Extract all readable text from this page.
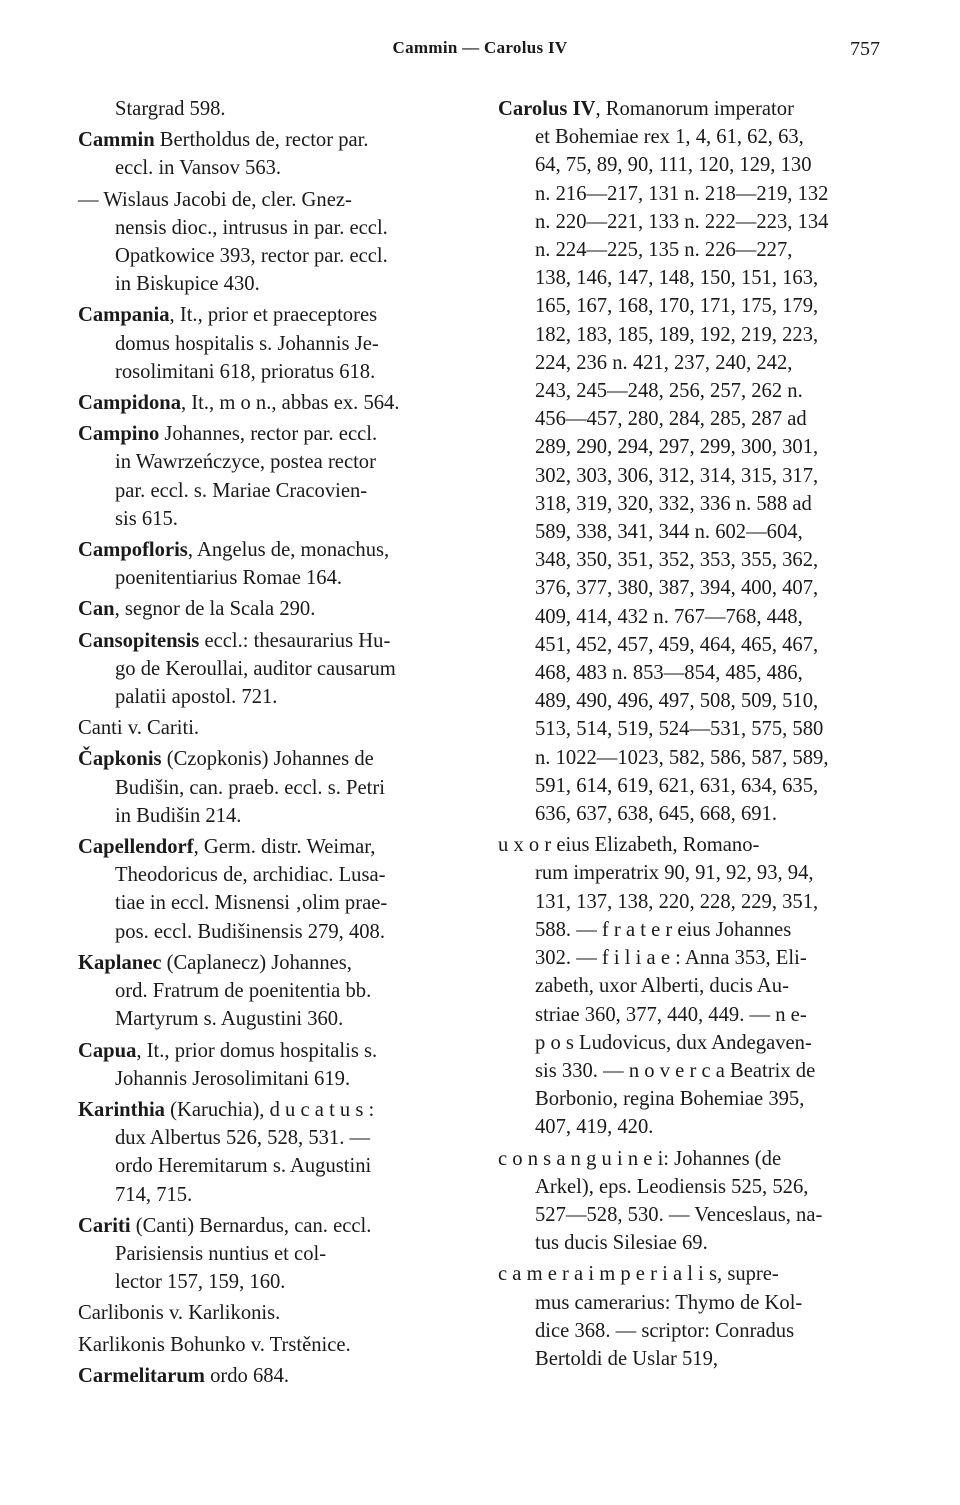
Cammin — Carolus IV	757
Stargrad 598.
Cammin Bertholdus de, rector par.
eccl. in Vansov 563.
— Wislaus Jacobi de, cler. Gnez-
nensis dioc., intrusus in par. eccl.
Opatkowice 393, rector par. eccl.
in Biskupice 430.
Campania, It., prior et praeceptores
domus hospitalis s. Johannis Je-
rosolimitani 618, prioratus 618.
Campidona, It., m o n., abbas ex. 564.
Campino Johannes, rector par. eccl.
in Wawrzeńczyce, postea rector
par. eccl. s. Mariae Cracovien-
sis 615.
Campofloris, Angelus de, monachus,
poenitentiarius Romae 164.
Can, segnor de la Scala 290.
Cansopitensis eccl.: thesaurarius Hu-
go de Keroullai, auditor causarum
palatii apostol. 721.
Canti v. Cariti.
Čapkonis (Czopkonis) Johannes de
Budišin, can. praeb. eccl. s. Petri
in Budišin 214.
Capellendorf, Germ. distr. Weimar,
Theodoricus de, archidiac. Lusa-
tiae in eccl. Misnensi ‚olim prae-
pos. eccl. Budišinensis 279, 408.
Kaplanec (Caplanecz) Johannes,
ord. Fratrum de poenitentia bb.
Martyrum s. Augustini 360.
Capua, It., prior domus hospitalis s.
Johannis Jerosolimitani 619.
Karinthia (Karuchia), d u c a t u s :
dux Albertus 526, 528, 531. —
ordo Heremitarum s. Augustini
714, 715.
Cariti (Canti) Bernardus, can. eccl.
Parisiensis nuntius et col-
lector 157, 159, 160.
Carlibonis v. Karlikonis.
Karlikonis Bohunko v. Trstěnice.
Carmelitarum ordo 684.
Carolus IV, Romanorum imperator
et Bohemiae rex 1, 4, 61, 62, 63,
64, 75, 89, 90, 111, 120, 129, 130
n. 216—217, 131 n. 218—219, 132
n. 220—221, 133 n. 222—223, 134
n. 224—225, 135 n. 226—227,
138, 146, 147, 148, 150, 151, 163,
165, 167, 168, 170, 171, 175, 179,
182, 183, 185, 189, 192, 219, 223,
224, 236 n. 421, 237, 240, 242,
243, 245—248, 256, 257, 262 n.
456—457, 280, 284, 285, 287 ad
289, 290, 294, 297, 299, 300, 301,
302, 303, 306, 312, 314, 315, 317,
318, 319, 320, 332, 336 n. 588 ad
589, 338, 341, 344 n. 602—604,
348, 350, 351, 352, 353, 355, 362,
376, 377, 380, 387, 394, 400, 407,
409, 414, 432 n. 767—768, 448,
451, 452, 457, 459, 464, 465, 467,
468, 483 n. 853—854, 485, 486,
489, 490, 496, 497, 508, 509, 510,
513, 514, 519, 524—531, 575, 580
n. 1022—1023, 582, 586, 587, 589,
591, 614, 619, 621, 631, 634, 635,
636, 637, 638, 645, 668, 691.
u x o r eius Elizabeth, Romano-
rum imperatrix 90, 91, 92, 93, 94,
131, 137, 138, 220, 228, 229, 351,
588. — f r a t e r eius Johannes
302. — f i l i a e : Anna 353, Eli-
zabeth, uxor Alberti, ducis Au-
striae 360, 377, 440, 449. — n e-
p o s Ludovicus, dux Andegaven-
sis 330. — n o v e r c a Beatrix de
Borbonio, regina Bohemiae 395,
407, 419, 420.
c o n s a n g u i n e i: Johannes (de
Arkel), eps. Leodiensis 525, 526,
527—528, 530. — Venceslaus, na-
tus ducis Silesiae 69.
c a m e r a i m p e r i a l i s, supre-
mus camerarius: Thymo de Kol-
dice 368. — scriptor: Conradus
Bertoldi de Uslar 519,
